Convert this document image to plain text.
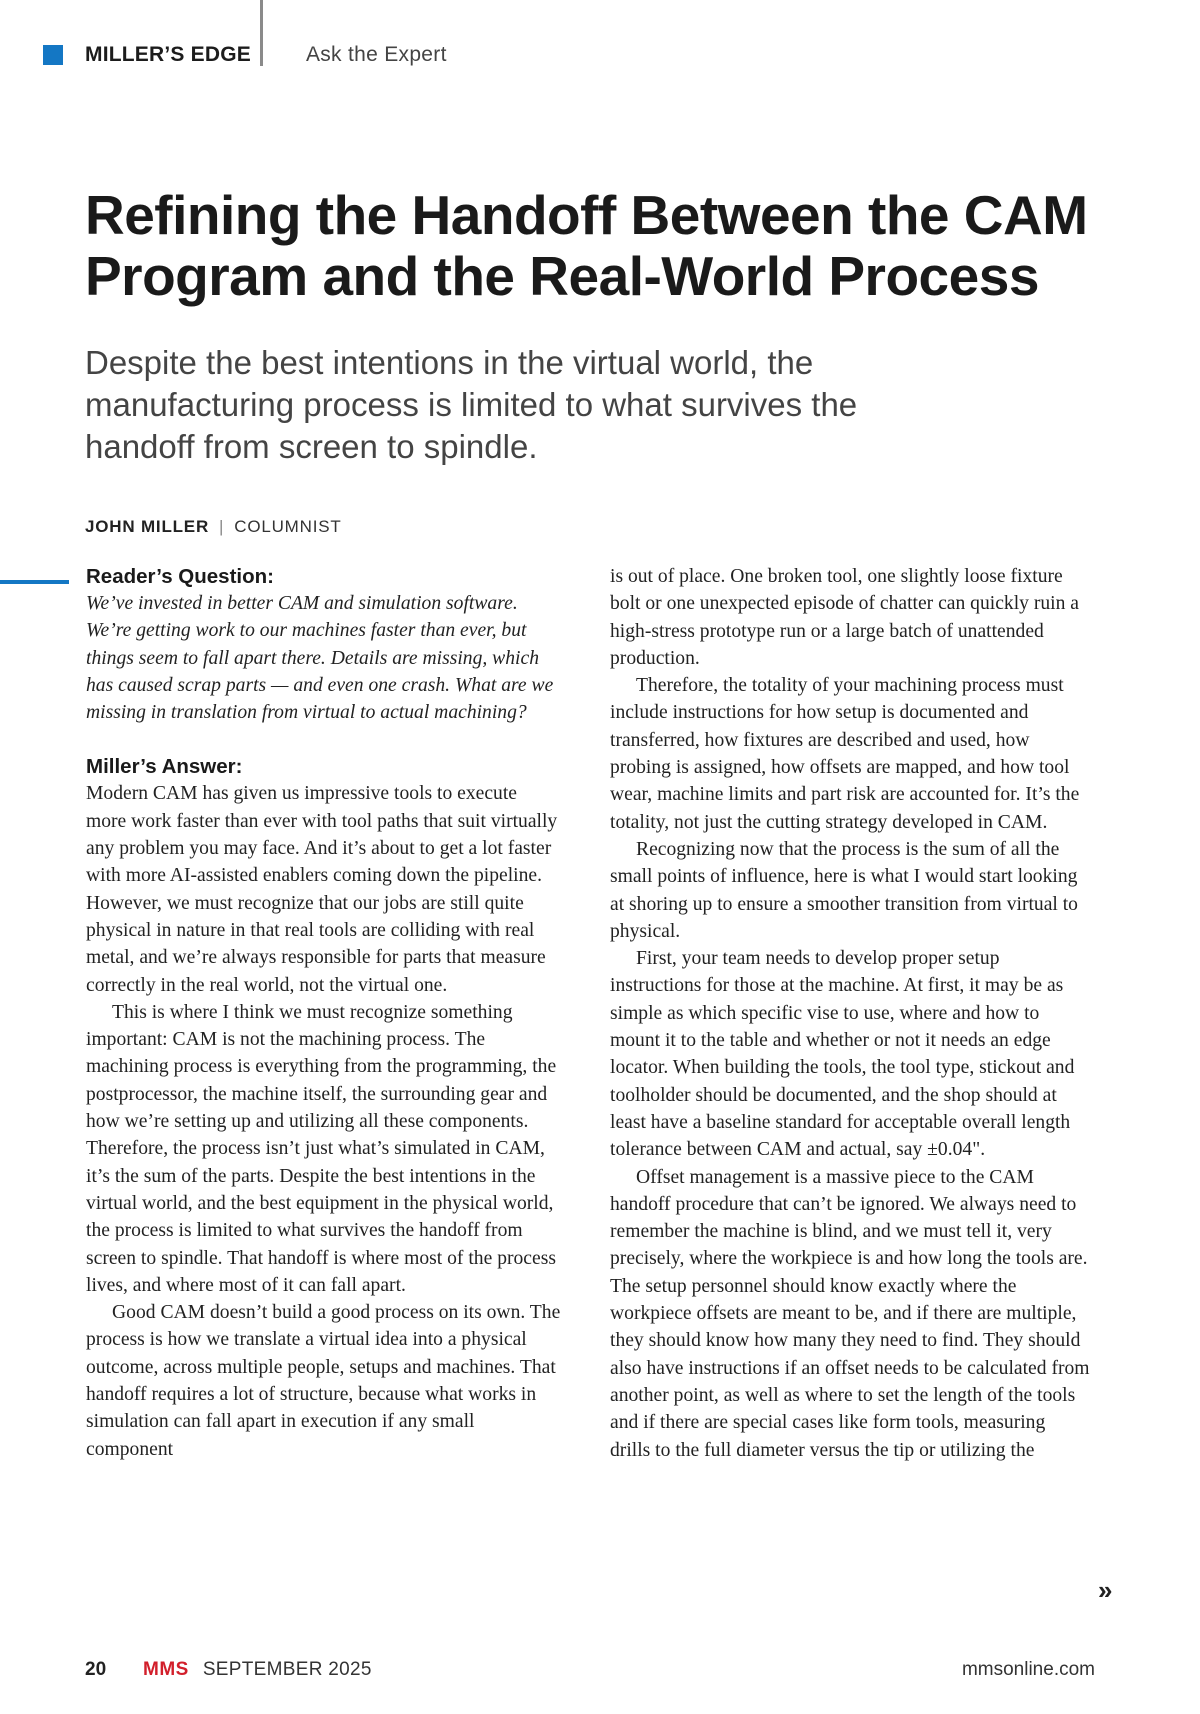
MILLER’S EDGE	Ask the Expert
Refining the Handoff Between the CAM Program and the Real-World Process

Despite the best intentions in the virtual world, the manufacturing process is limited to what survives the handoff from screen to spindle.

JOHN MILLER | COLUMNIST
Reader’s Question:

We’ve invested in better CAM and simulation software. We’re getting work to our machines faster than ever, but things seem to fall apart there. Details are missing, which has caused scrap parts — and even one crash. What are we missing in translation from virtual to actual machining?

Miller’s Answer:

Modern CAM has given us impressive tools to execute more work faster than ever with tool paths that suit virtually any problem you may face. And it’s about to get a lot faster with more AI-assisted enablers coming down the pipeline. However, we must recognize that our jobs are still quite physical in nature in that real tools are colliding with real metal, and we’re always responsible for parts that measure correctly in the real world, not the virtual one.

This is where I think we must recognize something important: CAM is not the machining process. The machining process is everything from the programming, the postprocessor, the machine itself, the surrounding gear and how we’re setting up and utilizing all these components. Therefore, the process isn’t just what’s simulated in CAM, it’s the sum of the parts. Despite the best intentions in the virtual world, and the best equipment in the physical world, the process is limited to what survives the handoff from screen to spindle. That handoff is where most of the process lives, and where most of it can fall apart.

Good CAM doesn’t build a good process on its own. The process is how we translate a virtual idea into a physical outcome, across multiple people, setups and machines. That handoff requires a lot of structure, because what works in simulation can fall apart in execution if any small component

is out of place. One broken tool, one slightly loose fixture bolt or one unexpected episode of chatter can quickly ruin a high-stress prototype run or a large batch of unattended production.

Therefore, the totality of your machining process must include instructions for how setup is documented and transferred, how fixtures are described and used, how probing is assigned, how offsets are mapped, and how tool wear, machine limits and part risk are accounted for. It’s the totality, not just the cutting strategy developed in CAM.

Recognizing now that the process is the sum of all the small points of influence, here is what I would start looking at shoring up to ensure a smoother transition from virtual to physical.

First, your team needs to develop proper setup instructions for those at the machine. At first, it may be as simple as which specific vise to use, where and how to mount it to the table and whether or not it needs an edge locator. When building the tools, the tool type, stickout and toolholder should be documented, and the shop should at least have a baseline standard for acceptable overall length tolerance between CAM and actual, say ±0.04".

Offset management is a massive piece to the CAM handoff procedure that can’t be ignored. We always need to remember the machine is blind, and we must tell it, very precisely, where the workpiece is and how long the tools are. The setup personnel should know exactly where the workpiece offsets are meant to be, and if there are multiple, they should know how many they need to find. They should also have instructions if an offset needs to be calculated from another point, as well as where to set the length of the tools and if there are special cases like form tools, measuring drills to the full diameter versus the tip or utilizing the

»
20	MMS SEPTEMBER 2025	mmsonline.com
